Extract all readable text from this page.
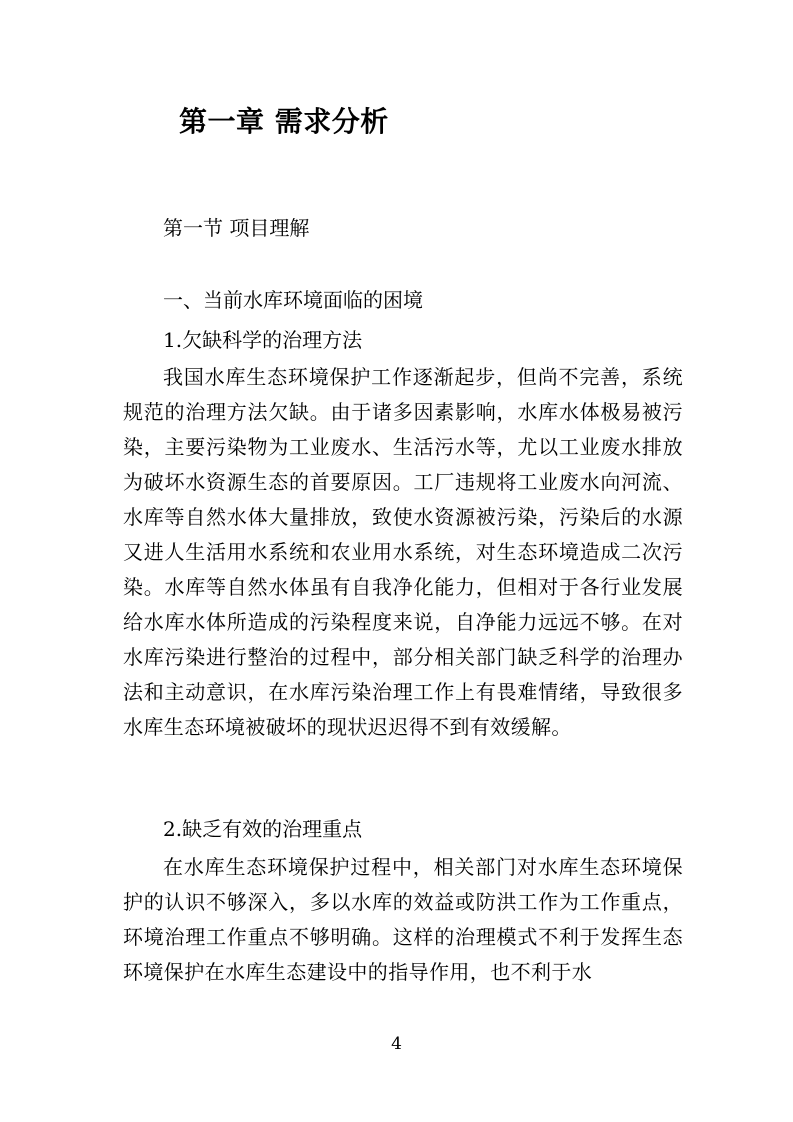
第一章 需求分析
第一节 项目理解
一、当前水库环境面临的困境
1.欠缺科学的治理方法
我国水库生态环境保护工作逐渐起步，但尚不完善，系统规范的治理方法欠缺。由于诸多因素影响，水库水体极易被污染，主要污染物为工业废水、生活污水等，尤以工业废水排放为破坏水资源生态的首要原因。工厂违规将工业废水向河流、水库等自然水体大量排放，致使水资源被污染，污染后的水源又进人生活用水系统和农业用水系统，对生态环境造成二次污染。水库等自然水体虽有自我净化能力，但相对于各行业发展给水库水体所造成的污染程度来说，自净能力远远不够。在对水库污染进行整治的过程中，部分相关部门缺乏科学的治理办法和主动意识，在水库污染治理工作上有畏难情绪，导致很多水库生态环境被破坏的现状迟迟得不到有效缓解。
2.缺乏有效的治理重点
在水库生态环境保护过程中，相关部门对水库生态环境保护的认识不够深入，多以水库的效益或防洪工作为工作重点，环境治理工作重点不够明确。这样的治理模式不利于发挥生态环境保护在水库生态建设中的指导作用，也不利于水
4
